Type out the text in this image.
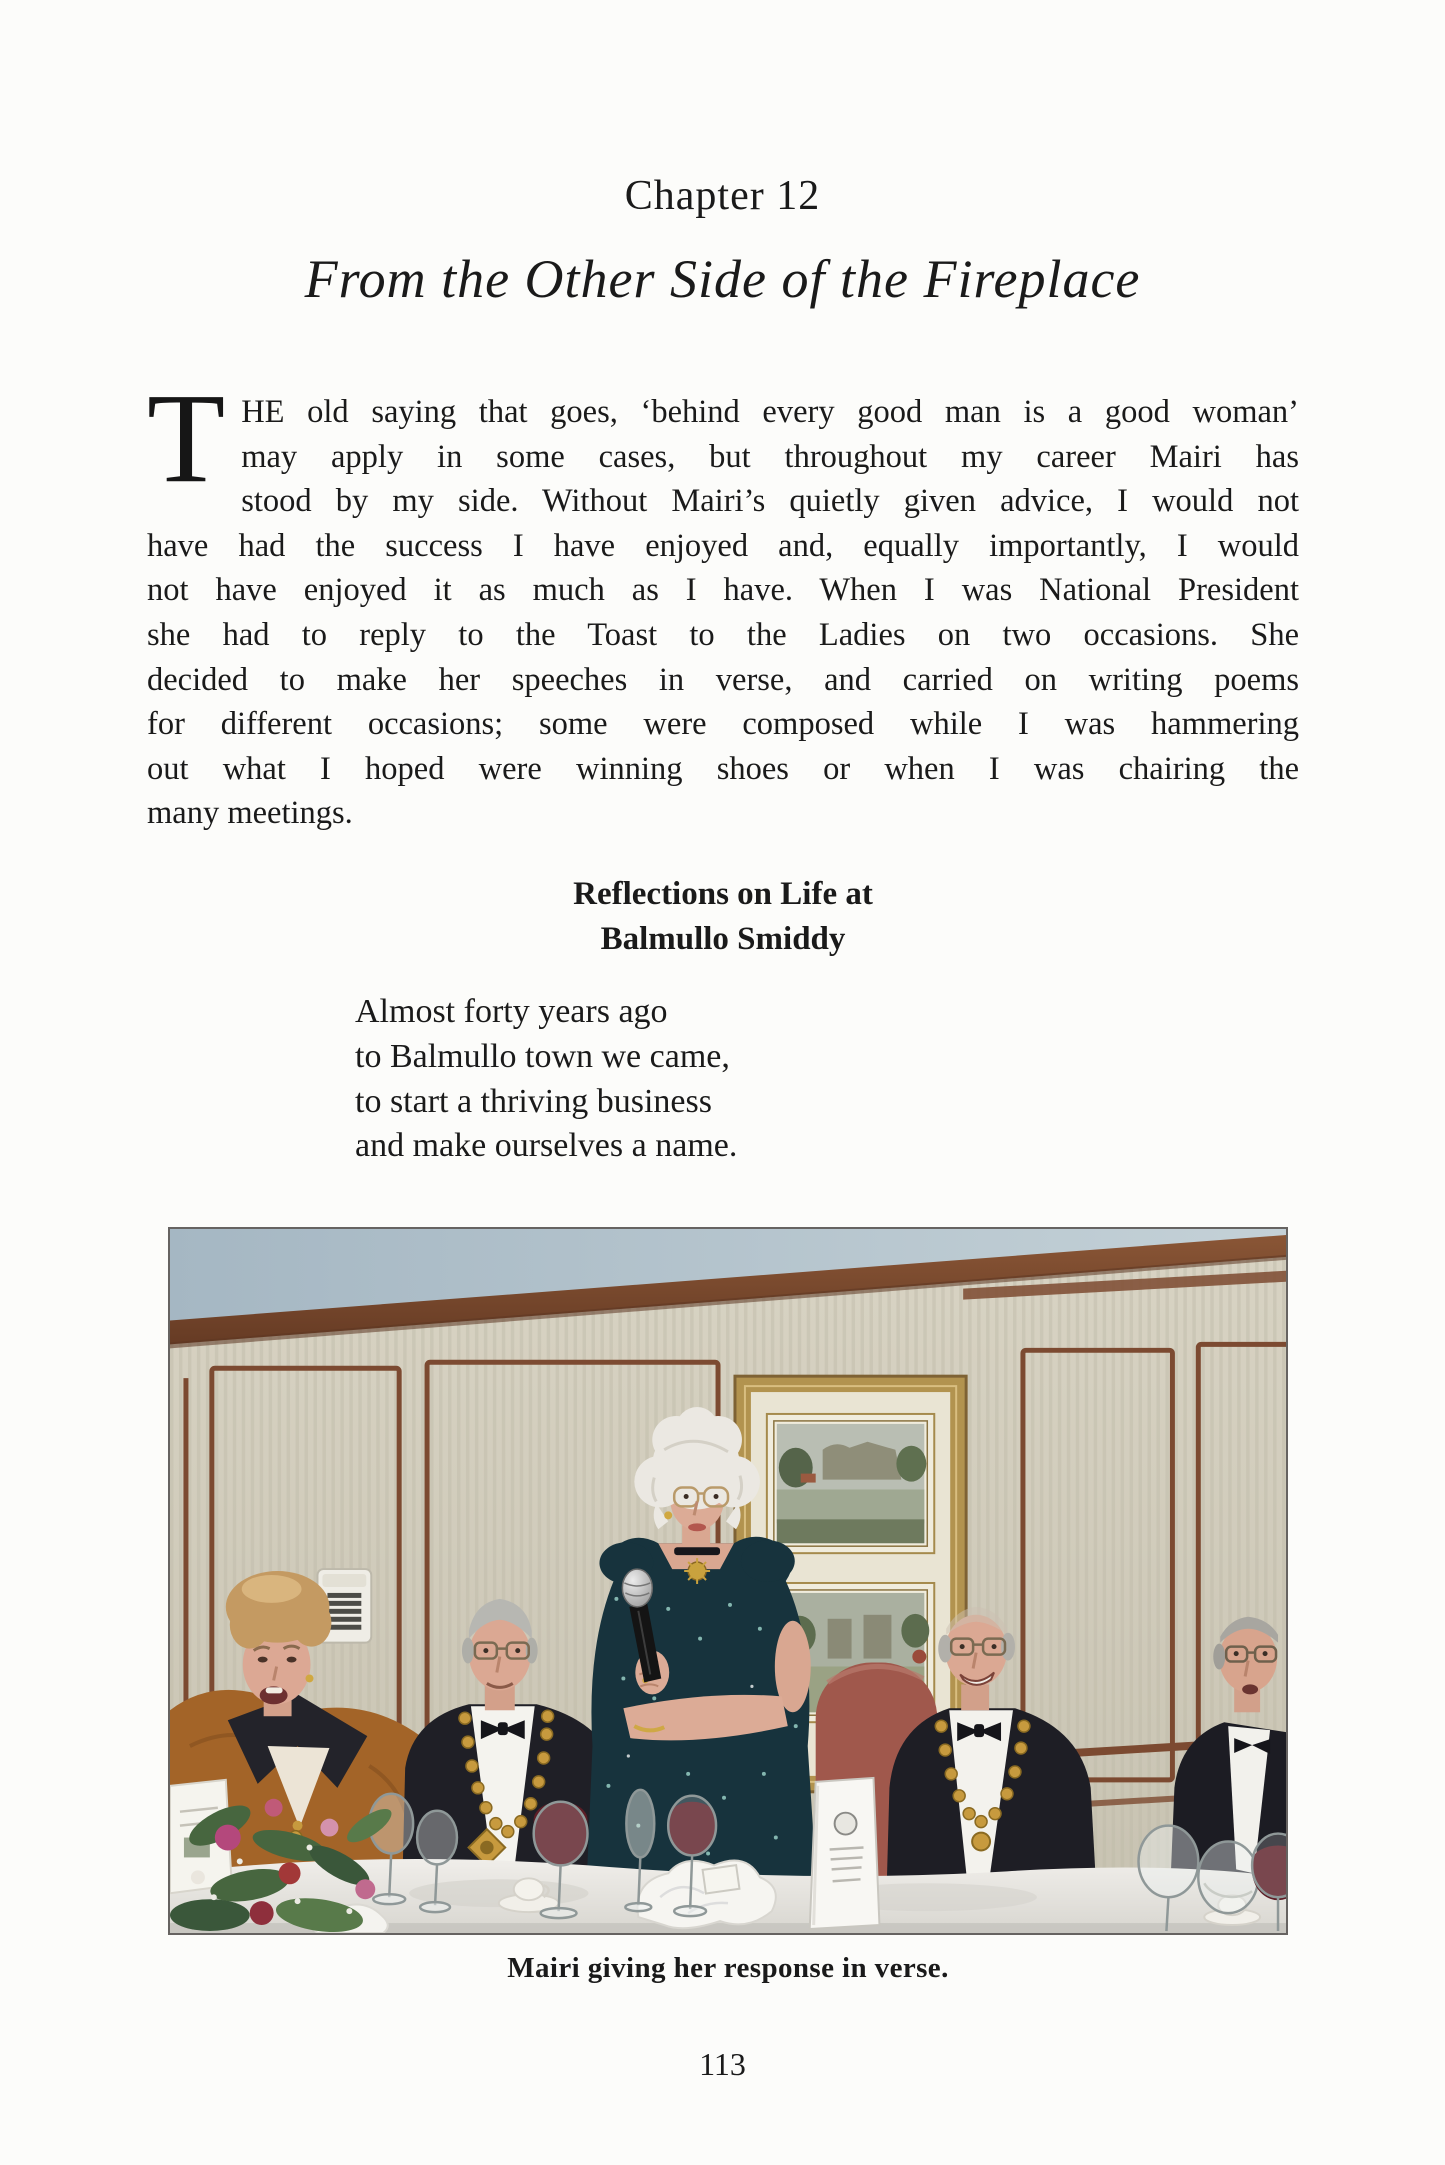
Chapter 12
From the Other Side of the Fireplace
T HE old saying that goes, ‘behind every good man is a good woman’
may apply in some cases, but throughout my career Mairi has
stood by my side. Without Mairi’s quietly given advice, I would not
have had the success I have enjoyed and, equally importantly, I would
not have enjoyed it as much as I have. When I was National President
she had to reply to the Toast to the Ladies on two occasions. She
decided to make her speeches in verse, and carried on writing poems
for different occasions; some were composed while I was hammering
out what I hoped were winning shoes or when I was chairing the
many meetings.
Reflections on Life at
Balmullo Smiddy
Almost forty years ago
to Balmullo town we came,
to start a thriving business
and make ourselves a name.
Mairi giving her response in verse.
113
